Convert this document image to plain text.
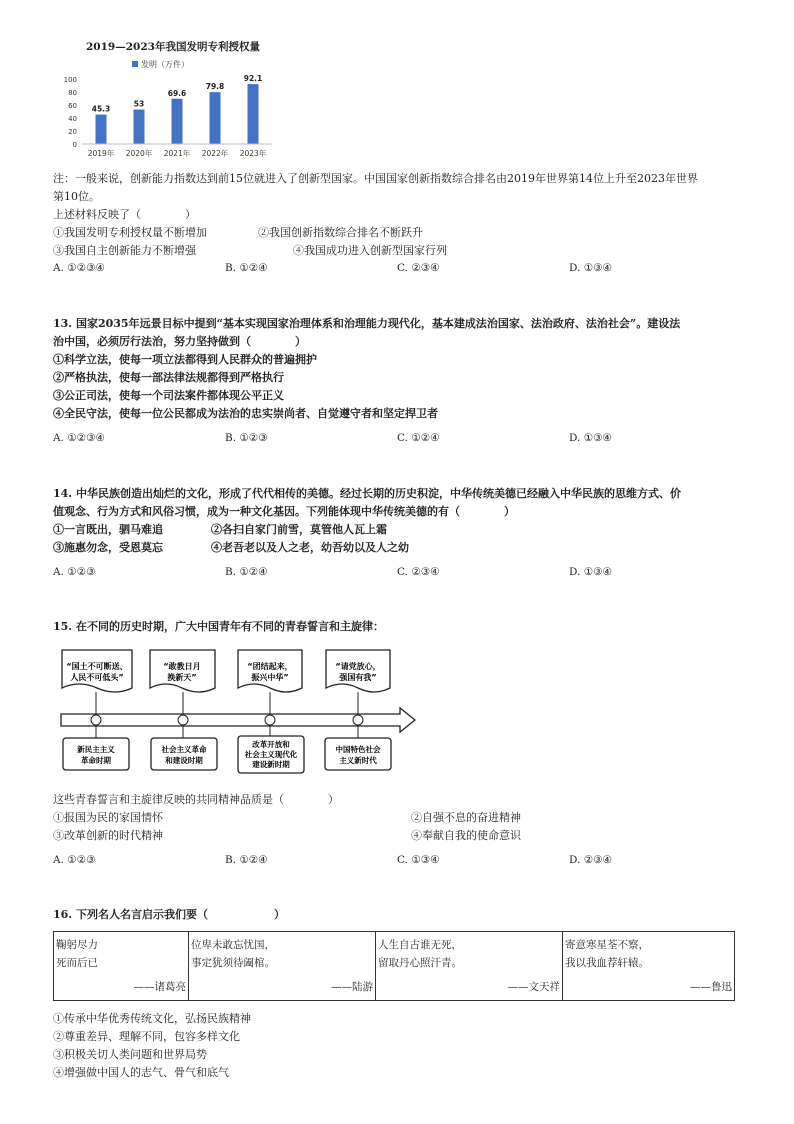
2019—2023年我国发明专利授权量
发明（万件）
100
80
60
40
20
0
45.3
2019年
53
2020年
69.6
2021年
79.8
2022年
92.1
2023年
注：一般来说，创新能力指数达到前15位就进入了创新型国家。中国国家创新指数综合排名由2019年世界第14位上升至2023年世界
第10位。
上述材料反映了（　　　　）
①我国发明专利授权量不断增加	②我国创新指数综合排名不断跃升
③我国自主创新能力不断增强	④我国成功进入创新型国家行列
A. ①②③④	B. ①②④	C. ②③④	D. ①③④
13. 国家2035年远景目标中提到“基本实现国家治理体系和治理能力现代化，基本建成法治国家、法治政府、法治社会”。建设法
治中国，必须厉行法治，努力坚持做到（　　　　）
①科学立法，使每一项立法都得到人民群众的普遍拥护
②严格执法，使每一部法律法规都得到严格执行
③公正司法，使每一个司法案件都体现公平正义
④全民守法，使每一位公民都成为法治的忠实崇尚者、自觉遵守者和坚定捍卫者
A. ①②③④	B. ①②③	C. ①②④	D. ①③④
14. 中华民族创造出灿烂的文化，形成了代代相传的美德。经过长期的历史积淀，中华传统美德已经融入中华民族的思维方式、价
值观念、行为方式和风俗习惯，成为一种文化基因。下列能体现中华传统美德的有（　　　　）
①一言既出，驷马难追	②各扫自家门前雪，莫管他人瓦上霜
③施惠勿念，受恩莫忘	④老吾老以及人之老，幼吾幼以及人之幼
A. ①②③	B. ①②④	C. ②③④	D. ①③④
15. 在不同的历史时期，广大中国青年有不同的青春誓言和主旋律：
“国土不可断送、
人民不可低头”
“敢教日月
换新天”
“团结起来，
振兴中华”
“请党放心，
强国有我”
新民主主义
革命时期
社会主义革命
和建设时期
改革开放和
社会主义现代化
建设新时期
中国特色社会
主义新时代
这些青春誓言和主旋律反映的共同精神品质是（　　　　）
①报国为民的家国情怀	②自强不息的奋进精神
③改革创新的时代精神	④奉献自我的使命意识
A. ①②③	B. ①②④	C. ①③④	D. ②③④
16. 下列名人名言启示我们要（　　　　　　）
鞠躬尽力
死而后已
——诸葛亮

位卑未敢忘忧国，
事定犹须待阖棺。
——陆游

人生自古谁无死，
留取丹心照汗青。
——文天祥

寄意寒星荃不察，
我以我血荐轩辕。
——鲁迅
①传承中华优秀传统文化，弘扬民族精神
②尊重差异、理解不同，包容多样文化
③积极关切人类问题和世界局势
④增强做中国人的志气、骨气和底气
